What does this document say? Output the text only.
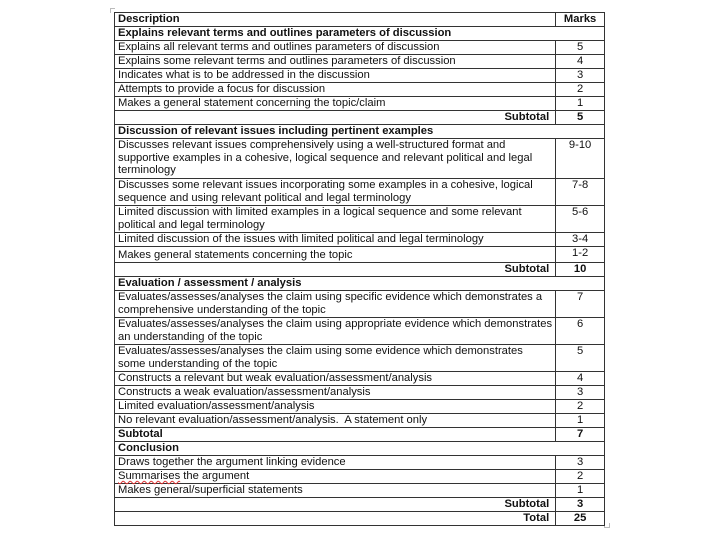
Description	Marks
Explains relevant terms and outlines parameters of discussion	
Explains all relevant terms and outlines parameters of discussion	5
Explains some relevant terms and outlines parameters of discussion	4
Indicates what is to be addressed in the discussion	3
Attempts to provide a focus for discussion	2
Makes a general statement concerning the topic/claim	1
Subtotal	5
Discussion of relevant issues including pertinent examples	
Discusses relevant issues comprehensively using a well-structured format and supportive examples in a cohesive, logical sequence and relevant political and legal terminology	9-10
Discusses some relevant issues incorporating some examples in a cohesive, logical sequence and using relevant political and legal terminology	7-8
Limited discussion with limited examples in a logical sequence and some relevant political and legal terminology	5-6
Limited discussion of the issues with limited political and legal terminology	3-4
Makes general statements concerning the topic	1-2
Subtotal	10
Evaluation / assessment / analysis	
Evaluates/assesses/analyses the claim using specific evidence which demonstrates a comprehensive understanding of the topic	7
Evaluates/assesses/analyses the claim using appropriate evidence which demonstrates an understanding of the topic	6
Evaluates/assesses/analyses the claim using some evidence which demonstrates some understanding of the topic	5
Constructs a relevant but weak evaluation/assessment/analysis	4
Constructs a weak evaluation/assessment/analysis	3
Limited evaluation/assessment/analysis	2
No relevant evaluation/assessment/analysis.  A statement only	1
Subtotal	7
Conclusion	
Draws together the argument linking evidence	3
Summarises the argument	2
Makes general/superficial statements	1
Subtotal	3
Total	25
